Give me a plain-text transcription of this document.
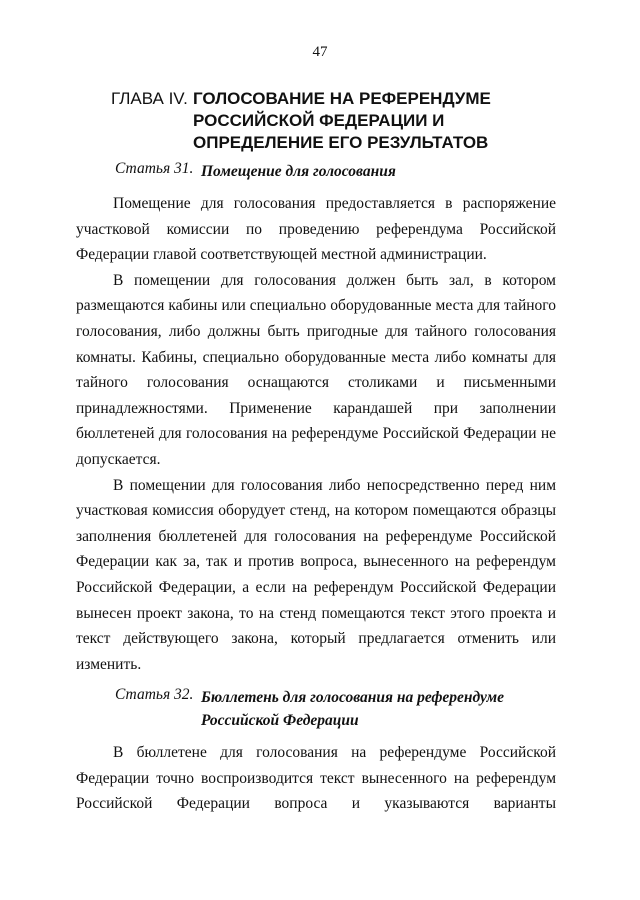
47
ГЛАВА IV. ГОЛОСОВАНИЕ НА РЕФЕРЕНДУМЕ РОССИЙСКОЙ ФЕДЕРАЦИИ И ОПРЕДЕЛЕНИЕ ЕГО РЕЗУЛЬТАТОВ
Статья 31. Помещение для голосования

Помещение для голосования предоставляется в распоряжение участковой комиссии по проведению референдума Российской Федерации главой соответствующей местной администрации.

В помещении для голосования должен быть зал, в котором размещаются кабины или специально оборудованные места для тайного голосования, либо должны быть пригодные для тайного голосования комнаты. Кабины, специально оборудованные места либо комнаты для тайного голосования оснащаются столиками и письменными принадлежностями. Применение карандашей при заполнении бюллетеней для голосования на референдуме Российской Федерации не допускается.

В помещении для голосования либо непосредственно перед ним участковая комиссия оборудует стенд, на котором помещаются образцы заполнения бюллетеней для голосования на референдуме Российской Федерации как за, так и против вопроса, вынесенного на референдум Российской Федерации, а если на референдум Российской Федерации вынесен проект закона, то на стенд помещаются текст этого проекта и текст действующего закона, который предлагается отменить или изменить.

Статья 32. Бюллетень для голосования на референдуме Российской Федерации

В бюллетене для голосования на референдуме Российской Федерации точно воспроизводится текст вынесенного на референдум Российской Федерации вопроса и указываются варианты
